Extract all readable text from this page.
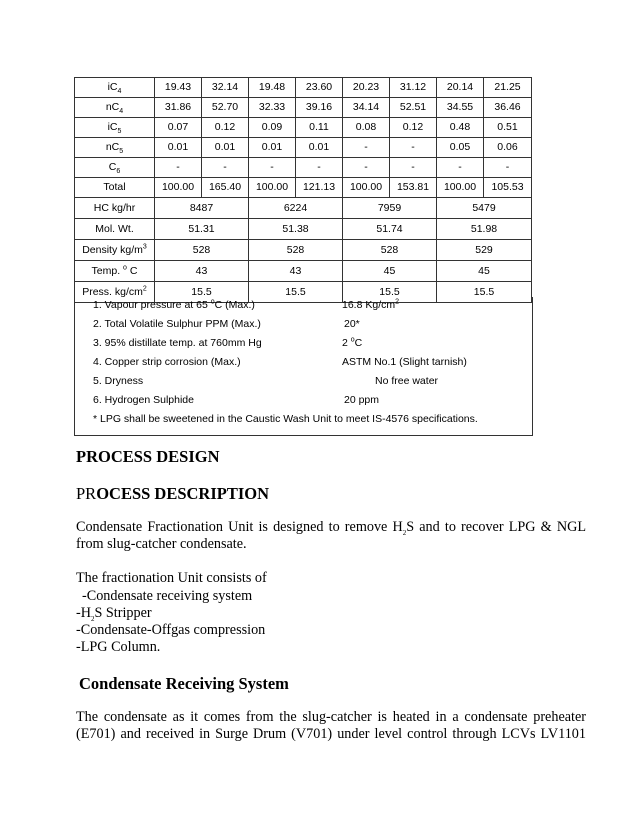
$iC_4$	19.43	32.14	19.48	23.60	20.23	31.12	20.14	21.25
$nC_4$	31.86	52.70	32.33	39.16	34.14	52.51	34.55	36.46
$iC_5$	0.07	0.12	0.09	0.11	0.08	0.12	0.48	0.51
$nC_5$	0.01	0.01	0.01	0.01	-	-	0.05	0.06
$C_6$	-	-	-	-	-	-	-	-
Total	100.00	165.40	100.00	121.13	100.00	153.81	100.00	105.53
HC kg/hr	8487		6224		7959		5479	
Mol. Wt.	51.31		51.38		51.74		51.98	
Density $kg/m^3$	528		528		528		529	
Temp. $^o$ C	43		43		45		45	
Press. $kg/cm^2$	15.5		15.5		15.5		15.5	
1. Vapour pressure at 65 $^o$C (Max.)	16.8 $Kg/cm^2$
2. Total Volatile Sulphur PPM (Max.)	20*
3. 95% distillate temp. at 760mm Hg	2 $^o$C
4. Copper strip corrosion (Max.)	ASTM No.1 (Slight tarnish)
5. Dryness	No free water
6. Hydrogen Sulphide	20 ppm
* LPG shall be sweetened in the Caustic Wash Unit to meet IS-4576 specifications.
PROCESS DESIGN
PROCESS DESCRIPTION
Condensate Fractionation Unit is designed to remove $H_2S$ and to recover LPG & NGL
from slug-catcher condensate.
The fractionation Unit consists of
-Condensate receiving system
$-H_2S$ Stripper
-Condensate-Offgas compression
-LPG Column.
Condensate Receiving System
The condensate as it comes from the slug-catcher is heated in a condensate preheater
(E701) and received in Surge Drum (V701) under level control through LCVs LV1101
